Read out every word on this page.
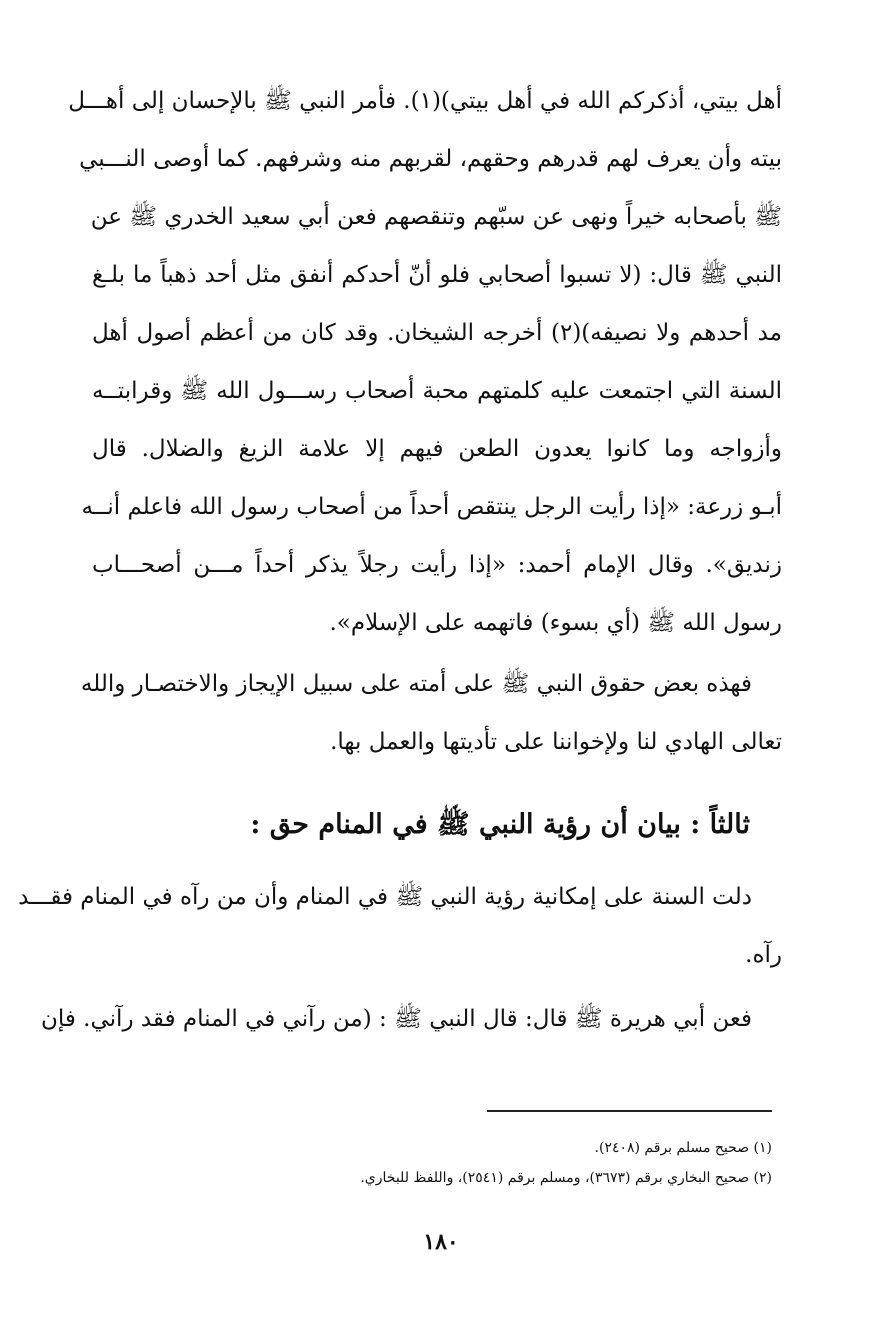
أهل بيتي، أذكركم الله في أهل بيتي)(١). فأمر النبي ﷺ بالإحسان إلى أهـــل
بيته وأن يعرف لهم قدرهم وحقهم، لقربهم منه وشرفهم. كما أوصى النـــبي
ﷺ بأصحابه خيراً ونهى عن سبّهم وتنقصهم فعن أبي سعيد الخدري ﷺ عن
النبي ﷺ قال: (لا تسبوا أصحابي فلو أنّ أحدكم أنفق مثل أحد ذهباً ما بلـغ
مد أحدهم ولا نصيفه)(٢) أخرجه الشيخان. وقد كان من أعظم أصول أهل
السنة التي اجتمعت عليه كلمتهم محبة أصحاب رســـول الله ﷺ وقرابتــه
وأزواجه وما كانوا يعدون الطعن فيهم إلا علامة الزيغ والضلال. قال
أبـو زرعة: «إذا رأيت الرجل ينتقص أحداً من أصحاب رسول الله فاعلم أنــه
زنديق». وقال الإمام أحمد: «إذا رأيت رجلاً يذكر أحداً مـــن أصحـــاب
رسول الله ﷺ (أي بسوء) فاتهمه على الإسلام».
فهذه بعض حقوق النبي ﷺ على أمته على سبيل الإيجاز والاختصـار والله
تعالى الهادي لنا ولإخواننا على تأديتها والعمل بها.
ثالثاً : بيان أن رؤية النبي ﷺ في المنام حق :
دلت السنة على إمكانية رؤية النبي ﷺ في المنام وأن من رآه في المنام فقـــد
رآه.
فعن أبي هريرة ﷺ قال: قال النبي ﷺ : (من رآني في المنام فقد رآني. فإن
(١) صحيح مسلم برقم (٢٤٠٨).
(٢) صحيح البخاري برقم (٣٦٧٣)، ومسلم برقم (٢٥٤١)، واللفظ للبخاري.
١٨٠
